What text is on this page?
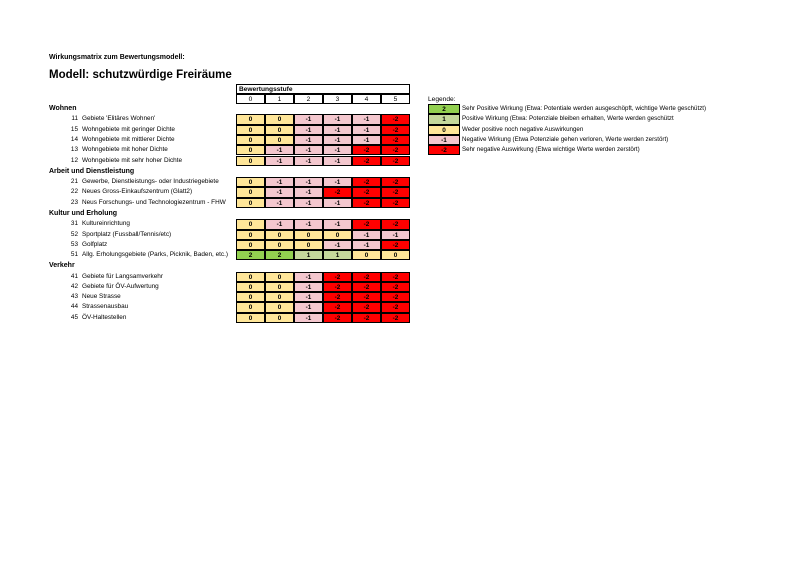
Wirkungsmatrix zum Bewertungsmodell:
Modell: schutzwürdige Freiräume
Bewertungsstufe
0	1	2	3	4	5
Wohnen
11 Gebiete 'Elitäres Wohnen'	0	0	-1	-1	-1	-2
15 Wohngebiete mit geringer Dichte	0	0	-1	-1	-1	-2
14 Wohngebiete mit mittlerer Dichte	0	0	-1	-1	-1	-2
13 Wohngebiete mit hoher Dichte	0	-1	-1	-1	-2	-2
12 Wohngebiete mit sehr hoher Dichte	0	-1	-1	-1	-2	-2
Arbeit und Dienstleistung
21 Gewerbe, Dienstleistungs- oder Industriegebiete	0	-1	-1	-1	-2	-2
22 Neues Gross-Einkaufszentrum (Glatt2)	0	-1	-1	-2	-2	-2
23 Neus Forschungs- und Technologiezentrum - FHW	0	-1	-1	-1	-2	-2
Kultur und Erholung
31 Kultureinrichtung	0	-1	-1	-1	-2	-2
52 Sportplatz (Fussball/Tennis/etc)	0	0	0	0	-1	-1
53 Golfplatz	0	0	0	-1	-1	-2
51 Allg. Erholungsgebiete (Parks, Picknik, Baden, etc.)	2	2	1	1	0	0
Verkehr
41 Gebiete für Langsamverkehr	0	0	-1	-2	-2	-2
42 Gebiete für ÖV-Aufwertung	0	0	-1	-2	-2	-2
43 Neue Strasse	0	0	-1	-2	-2	-2
44 Strassenausbau	0	0	-1	-2	-2	-2
45 ÖV-Haltestellen	0	0	-1	-2	-2	-2
Legende:
2	Sehr Positive Wirkung (Etwa: Potentiale werden ausgeschöpft, wichtige Werte geschützt)
1	Positive Wirkung (Etwa: Potenziale bleiben erhalten, Werte werden geschützt
0	Weder positive noch negative Auswirkungen
-1	Negative Wirkung (Etwa Potenziale gehen verloren, Werte werden zerstört)
-2	Sehr negative Auswirkung (Etwa wichtige Werte werden zerstört)
